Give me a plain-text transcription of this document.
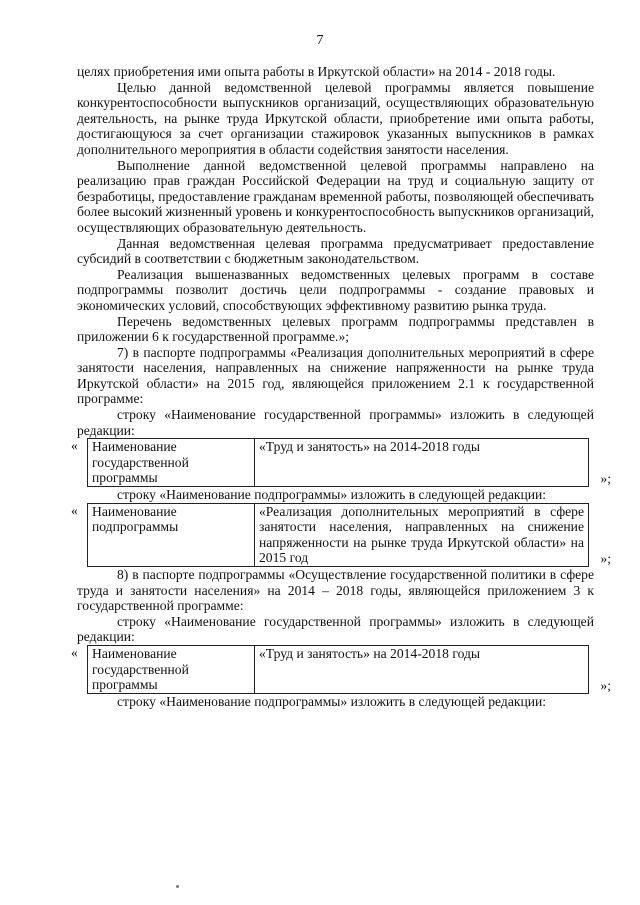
7

целях приобретения ими опыта работы в Иркутской области» на 2014 - 2018 годы.

Целью данной ведомственной целевой программы является повышение конкурентоспособности выпускников организаций, осуществляющих образовательную деятельность, на рынке труда Иркутской области, приобретение ими опыта работы, достигающуюся за счет организации стажировок указанных выпускников в рамках дополнительного мероприятия в области содействия занятости населения.

Выполнение данной ведомственной целевой программы направлено на реализацию прав граждан Российской Федерации на труд и социальную защиту от безработицы, предоставление гражданам временной работы, позволяющей обеспечивать более высокий жизненный уровень и конкурентоспособность выпускников организаций, осуществляющих образовательную деятельность.

Данная ведомственная целевая программа предусматривает предоставление субсидий в соответствии с бюджетным законодательством.

Реализация вышеназванных ведомственных целевых программ в составе подпрограммы позволит достичь цели подпрограммы - создание правовых и экономических условий, способствующих эффективному развитию рынка труда.

Перечень ведомственных целевых программ подпрограммы представлен в приложении 6 к государственной программе.»;

7) в паспорте подпрограммы «Реализация дополнительных мероприятий в сфере занятости населения, направленных на снижение напряженности на рынке труда Иркутской области» на 2015 год, являющейся приложением 2.1 к государственной программе:

строку «Наименование государственной программы» изложить в следующей редакции:

« Наименование государственной программы	«Труд и занятость» на 2014-2018 годы
»;

строку «Наименование подпрограммы» изложить в следующей редакции:

« Наименование подпрограммы	«Реализация дополнительных мероприятий в сфере занятости населения, направленных на снижение напряженности на рынке труда Иркутской области» на 2015 год	»;

8) в паспорте подпрограммы «Осуществление государственной политики в сфере труда и занятости населения» на 2014 – 2018 годы, являющейся приложением 3 к государственной программе:

строку «Наименование государственной программы» изложить в следующей редакции:

« Наименование государственной программы	«Труд и занятость» на 2014-2018 годы
»;

строку «Наименование подпрограммы» изложить в следующей редакции:
